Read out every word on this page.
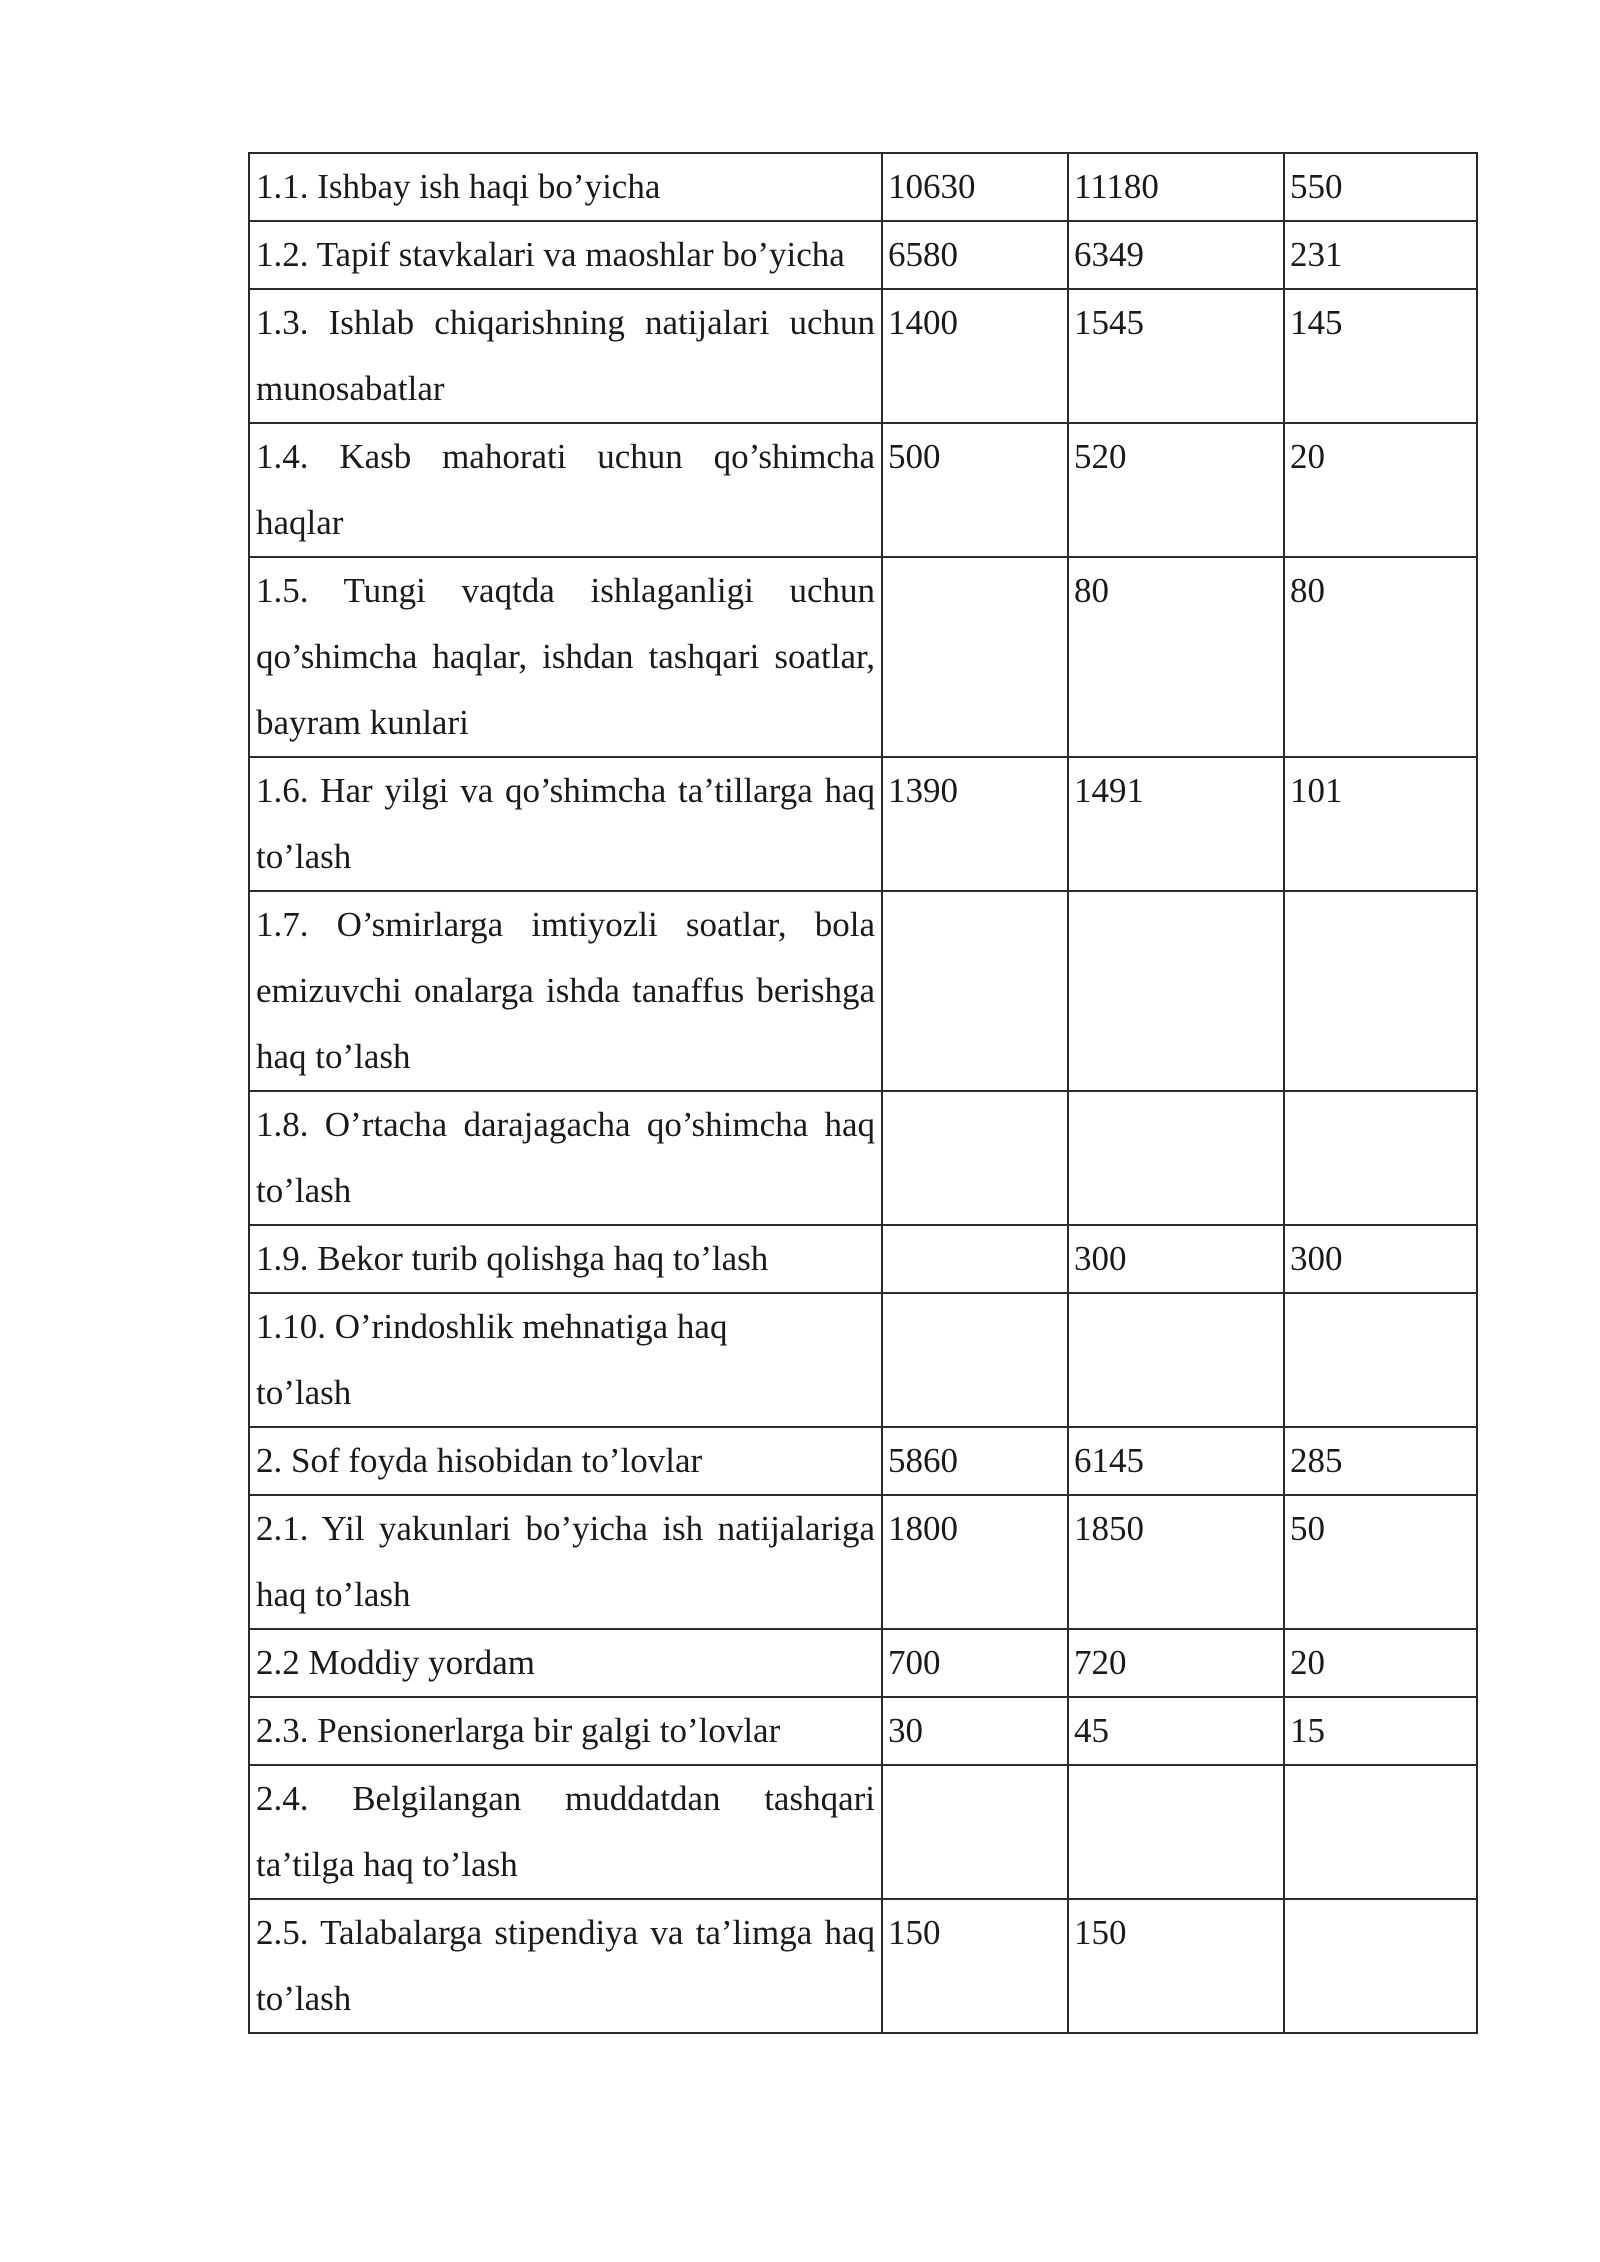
1.1. Ishbay ish haqi bo’yicha	10630	11180	550
1.2. Tapif stavkalari va maoshlar bo’yicha	6580	6349	231
1.3. Ishlab chiqarishning natijalari uchun munosabatlar	1400	1545	145
1.4. Kasb mahorati uchun qo’shimcha haqlar	500	520	20
1.5. Tungi vaqtda ishlaganligi uchun qo’shimcha haqlar, ishdan tashqari soatlar, bayram kunlari		80	80
1.6. Har yilgi va qo’shimcha ta’tillarga haq to’lash	1390	1491	101
1.7. O’smirlarga imtiyozli soatlar, bola emizuvchi onalarga ishda tanaffus berishga haq to’lash			
1.8. O’rtacha darajagacha qo’shimcha haq to’lash			
1.9. Bekor turib qolishga haq to’lash		300	300
1.10. O’rindoshlik mehnatiga haq to’lash			
2. Sof foyda hisobidan to’lovlar	5860	6145	285
2.1. Yil yakunlari bo’yicha ish natijalariga haq to’lash	1800	1850	50
2.2 Moddiy yordam	700	720	20
2.3. Pensionerlarga bir galgi to’lovlar	30	45	15
2.4. Belgilangan muddatdan tashqari ta’tilga haq to’lash			
2.5. Talabalarga stipendiya va ta’limga haq to’lash	150	150	
